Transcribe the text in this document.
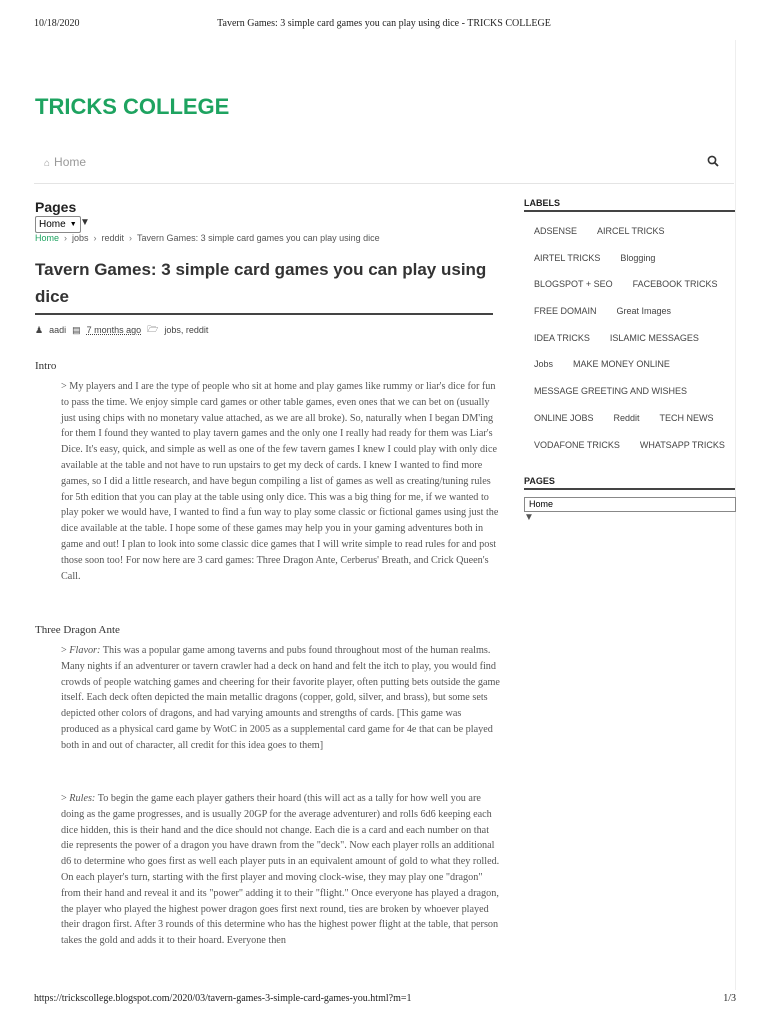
10/18/2020	Tavern Games: 3 simple card games you can play using dice - TRICKS COLLEGE
TRICKS COLLEGE
⌂ Home
Pages
Home ▼ ▼
Home › jobs › reddit › Tavern Games: 3 simple card games you can play using dice
Tavern Games: 3 simple card games you can play using dice
♟ aadi ▤ 7 months ago 🗁 jobs, reddit
Intro
> My players and I are the type of people who sit at home and play games like rummy or liar's dice for fun to pass the time. We enjoy simple card games or other table games, even ones that we can bet on (usually just using chips with no monetary value attached, as we are all broke). So, naturally when I began DM'ing for them I found they wanted to play tavern games and the only one I really had ready for them was Liar's Dice. It's easy, quick, and simple as well as one of the few tavern games I knew I could play with only dice available at the table and not have to run upstairs to get my deck of cards. I knew I wanted to find more games, so I did a little research, and have begun compiling a list of games as well as creating/tuning rules for 5th edition that you can play at the table using only dice. This was a big thing for me, if we wanted to play poker we would have, I wanted to find a fun way to play some classic or fictional games using just the dice available at the table. I hope some of these games may help you in your gaming adventures both in game and out! I plan to look into some classic dice games that I will write simple to read rules for and post those soon too! For now here are 3 card games: Three Dragon Ante, Cerberus' Breath, and Crick Queen's Call.
Three Dragon Ante
> Flavor: This was a popular game among taverns and pubs found throughout most of the human realms. Many nights if an adventurer or tavern crawler had a deck on hand and felt the itch to play, you would find crowds of people watching games and cheering for their favorite player, often putting bets outside the game itself. Each deck often depicted the main metallic dragons (copper, gold, silver, and brass), but some sets depicted other colors of dragons, and had varying amounts and strengths of cards. [This game was produced as a physical card game by WotC in 2005 as a supplemental card game for 4e that can be played both in and out of character, all credit for this idea goes to them]
> Rules: To begin the game each player gathers their hoard (this will act as a tally for how well you are doing as the game progresses, and is usually 20GP for the average adventurer) and rolls 6d6 keeping each dice hidden, this is their hand and the dice should not change. Each die is a card and each number on that die represents the power of a dragon you have drawn from the "deck". Now each player rolls an additional d6 to determine who goes first as well each player puts in an equivalent amount of gold to what they rolled. On each player's turn, starting with the first player and moving clock-wise, they may play one "dragon" from their hand and reveal it and its "power" adding it to their "flight." Once everyone has played a dragon, the player who played the highest power dragon goes first next round, ties are broken by whoever played their dragon first. After 3 rounds of this determine who has the highest power flight at the table, that person takes the gold and adds it to their hoard. Everyone then
LABELS
ADSENSE	AIRCEL TRICKS
AIRTEL TRICKS	Blogging
BLOGSPOT + SEO	FACEBOOK TRICKS
FREE DOMAIN	Great Images
IDEA TRICKS	ISLAMIC MESSAGES
Jobs	MAKE MONEY ONLINE
MESSAGE GREETING AND WISHES
ONLINE JOBS	Reddit	TECH NEWS
VODAFONE TRICKS	WHATSAPP TRICKS
PAGES
Home
▼
https://trickscollege.blogspot.com/2020/03/tavern-games-3-simple-card-games-you.html?m=1	1/3
